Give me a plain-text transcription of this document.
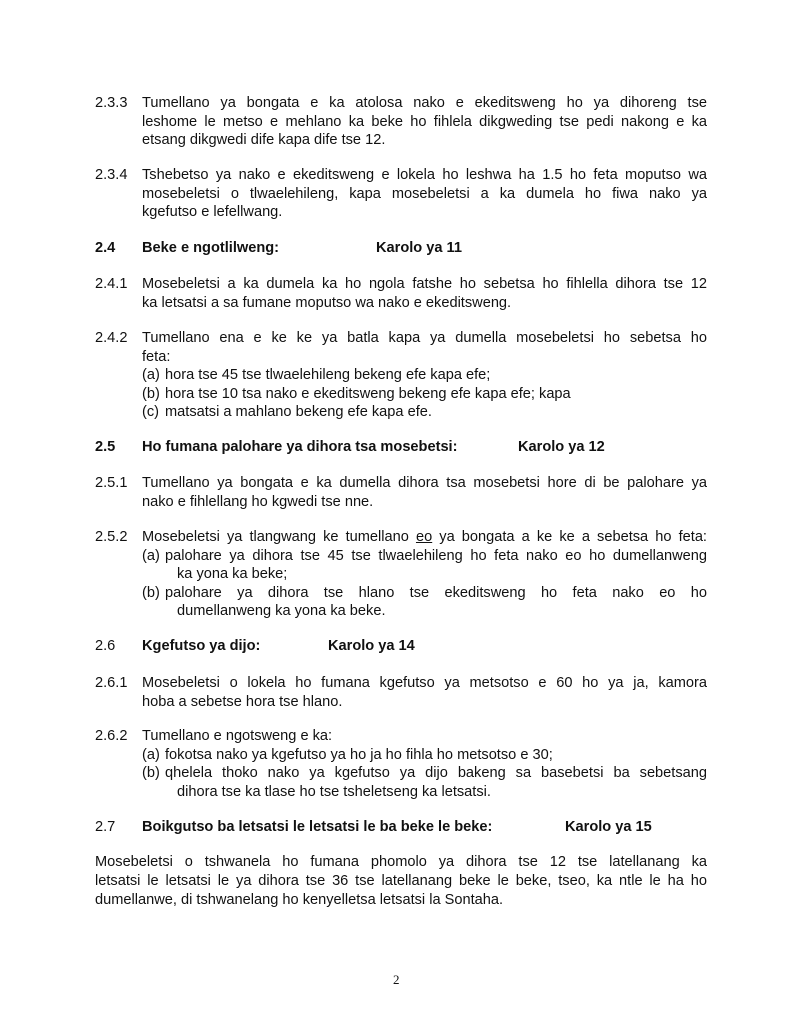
2.3.3 Tumellano ya bongata e ka atolosa nako e ekeditsweng ho ya dihoreng tse
leshome le metso e mehlano ka beke ho fihlela dikgweding tse pedi nakong e ka
etsang dikgwedi dife kapa dife tse 12.
2.3.4 Tshebetso ya nako e ekeditsweng e lokela ho leshwa ha 1.5 ho feta moputso wa
mosebeletsi o tlwaelehileng, kapa mosebeletsi a ka dumela ho fiwa nako ya
kgefutso e lefellwang.
2.4 Beke e ngotlilweng:	Karolo ya 11
2.4.1 Mosebeletsi a ka dumela ka ho ngola fatshe ho sebetsa ho fihlella dihora tse 12
ka letsatsi a sa fumane moputso wa nako e ekeditsweng.
2.4.2 Tumellano ena e ke ke ya batla kapa ya dumella mosebeletsi ho sebetsa ho
feta:
(a) hora tse 45 tse tlwaelehileng bekeng efe kapa efe;
(b) hora tse 10 tsa nako e ekeditsweng bekeng efe kapa efe; kapa
(c) matsatsi a mahlano bekeng efe kapa efe.
2.5 Ho fumana palohare ya dihora tsa mosebetsi:	Karolo ya 12
2.5.1 Tumellano ya bongata e ka dumella dihora tsa mosebetsi hore di be palohare ya
nako e fihlellang ho kgwedi tse nne.
2.5.2 Mosebeletsi ya tlangwang ke tumellano eo ya bongata a ke ke a sebetsa ho feta:
(a) palohare ya dihora tse 45 tse tlwaelehileng ho feta nako eo ho dumellanweng
ka yona ka beke;
(b) palohare ya dihora tse hlano tse ekeditsweng ho feta nako eo ho
dumellanweng ka yona ka beke.
2.6 Kgefutso ya dijo:	Karolo ya 14
2.6.1 Mosebeletsi o lokela ho fumana kgefutso ya metsotso e 60 ho ya ja, kamora
hoba a sebetse hora tse hlano.
2.6.2 Tumellano e ngotsweng e ka:
(a) fokotsa nako ya kgefutso ya ho ja ho fihla ho metsotso e 30;
(b) qhelela thoko nako ya kgefutso ya dijo bakeng sa basebetsi ba sebetsang
dihora tse ka tlase ho tse tsheletseng ka letsatsi.
2.7 Boikgutso ba letsatsi le letsatsi le ba beke le beke:	Karolo ya 15
Mosebeletsi o tshwanela ho fumana phomolo ya dihora tse 12 tse latellanang ka
letsatsi le letsatsi le ya dihora tse 36 tse latellanang beke le beke, tseo, ka ntle le ha ho
dumellanwe, di tshwanelang ho kenyelletsa letsatsi la Sontaha.
2
